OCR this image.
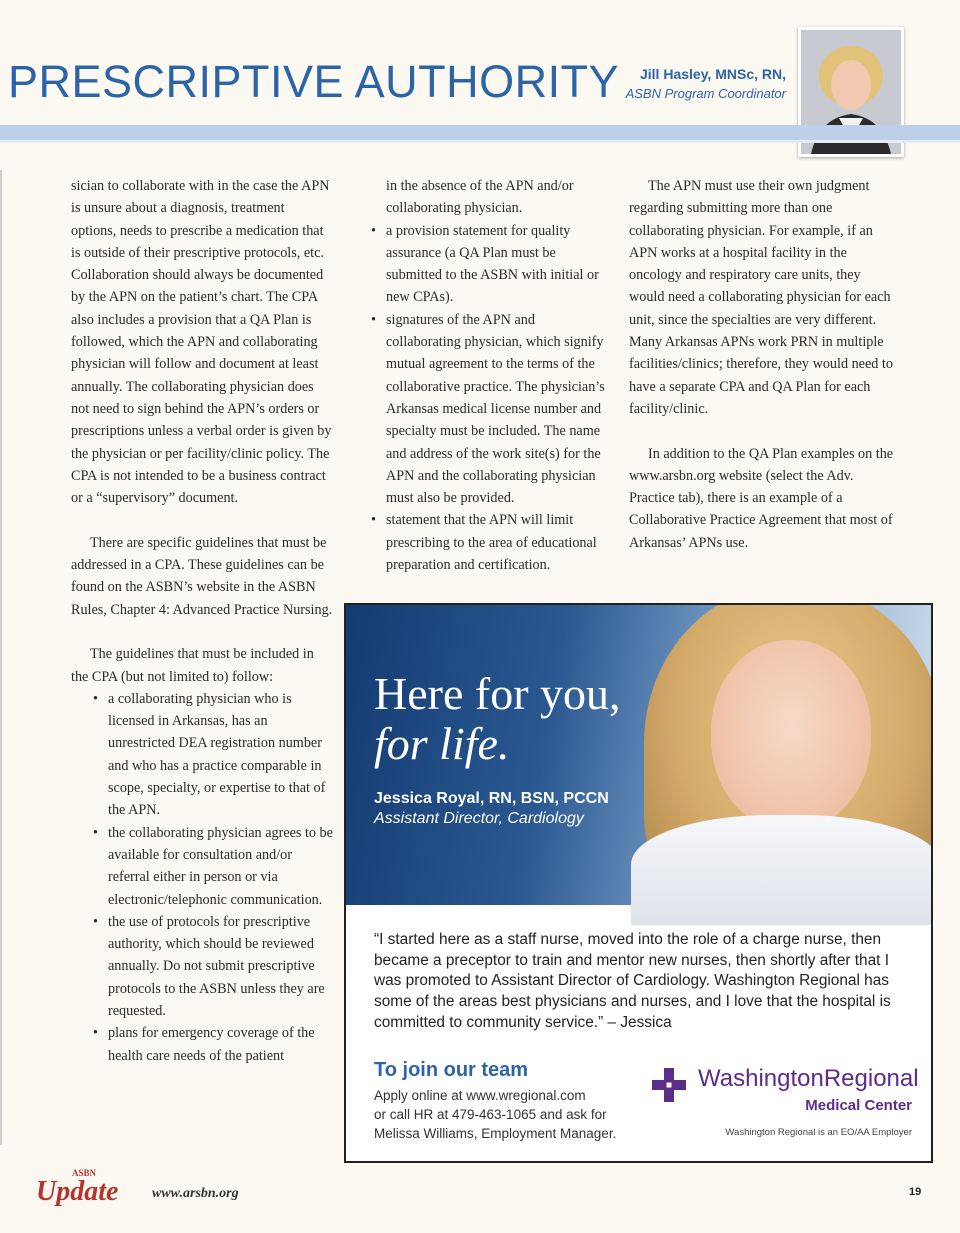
PRESCRIPTIVE AUTHORITY	Jill Hasley, MNSc, RN,
ASBN Program Coordinator

sician to collaborate with in the case the APN is unsure about a diagnosis, treatment options, needs to prescribe a medication that is outside of their prescriptive protocols, etc. Collaboration should always be documented by the APN on the patient’s chart. The CPA also includes a provision that a QA Plan is followed, which the APN and collaborating physician will follow and document at least annually. The collaborating physician does not need to sign behind the APN’s orders or prescriptions unless a verbal order is given by the physician or per facility/clinic policy. The CPA is not intended to be a business contract or a “supervisory” document.

There are specific guidelines that must be addressed in a CPA. These guidelines can be found on the ASBN’s website in the ASBN Rules, Chapter 4: Advanced Practice Nursing.

The guidelines that must be included in the CPA (but not limited to) follow:

• a collaborating physician who is licensed in Arkansas, has an unrestricted DEA registration number and who has a practice comparable in scope, specialty, or expertise to that of the APN.
• the collaborating physician agrees to be available for consultation and/or referral either in person or via electronic/telephonic communication.
• the use of protocols for prescriptive authority, which should be reviewed annually. Do not submit prescriptive protocols to the ASBN unless they are requested.
• plans for emergency coverage of the health care needs of the patient

in the absence of the APN and/or collaborating physician.

• a provision statement for quality assurance (a QA Plan must be submitted to the ASBN with initial or new CPAs).
• signatures of the APN and collaborating physician, which signify mutual agreement to the terms of the collaborative practice. The physician’s Arkansas medical license number and specialty must be included. The name and address of the work site(s) for the APN and the collaborating physician must also be provided.
• statement that the APN will limit prescribing to the area of educational preparation and certification.

The APN must use their own judgment regarding submitting more than one collaborating physician. For example, if an APN works at a hospital facility in the oncology and respiratory care units, they would need a collaborating physician for each unit, since the specialties are very different. Many Arkansas APNs work PRN in multiple facilities/clinics; therefore, they would need to have a separate CPA and QA Plan for each facility/clinic.

In addition to the QA Plan examples on the www.arsbn.org website (select the Adv. Practice tab), there is an example of a Collaborative Practice Agreement that most of Arkansas’ APNs use.

Here for you,
for life.
Jessica Royal, RN, BSN, PCCN
Assistant Director, Cardiology
“I started here as a staff nurse, moved into the role of a charge nurse, then became a preceptor to train and mentor new nurses, then shortly after that I was promoted to Assistant Director of Cardiology. Washington Regional has some of the areas best physicians and nurses, and I love that the hospital is committed to community service.” – Jessica
To join our team
Apply online at www.wregional.com
or call HR at 479-463-1065 and ask for
Melissa Williams, Employment Manager.
WashingtonRegional
Medical Center
Washington Regional is an EO/AA Employer
ASBN
Update www.arsbn.org	19
